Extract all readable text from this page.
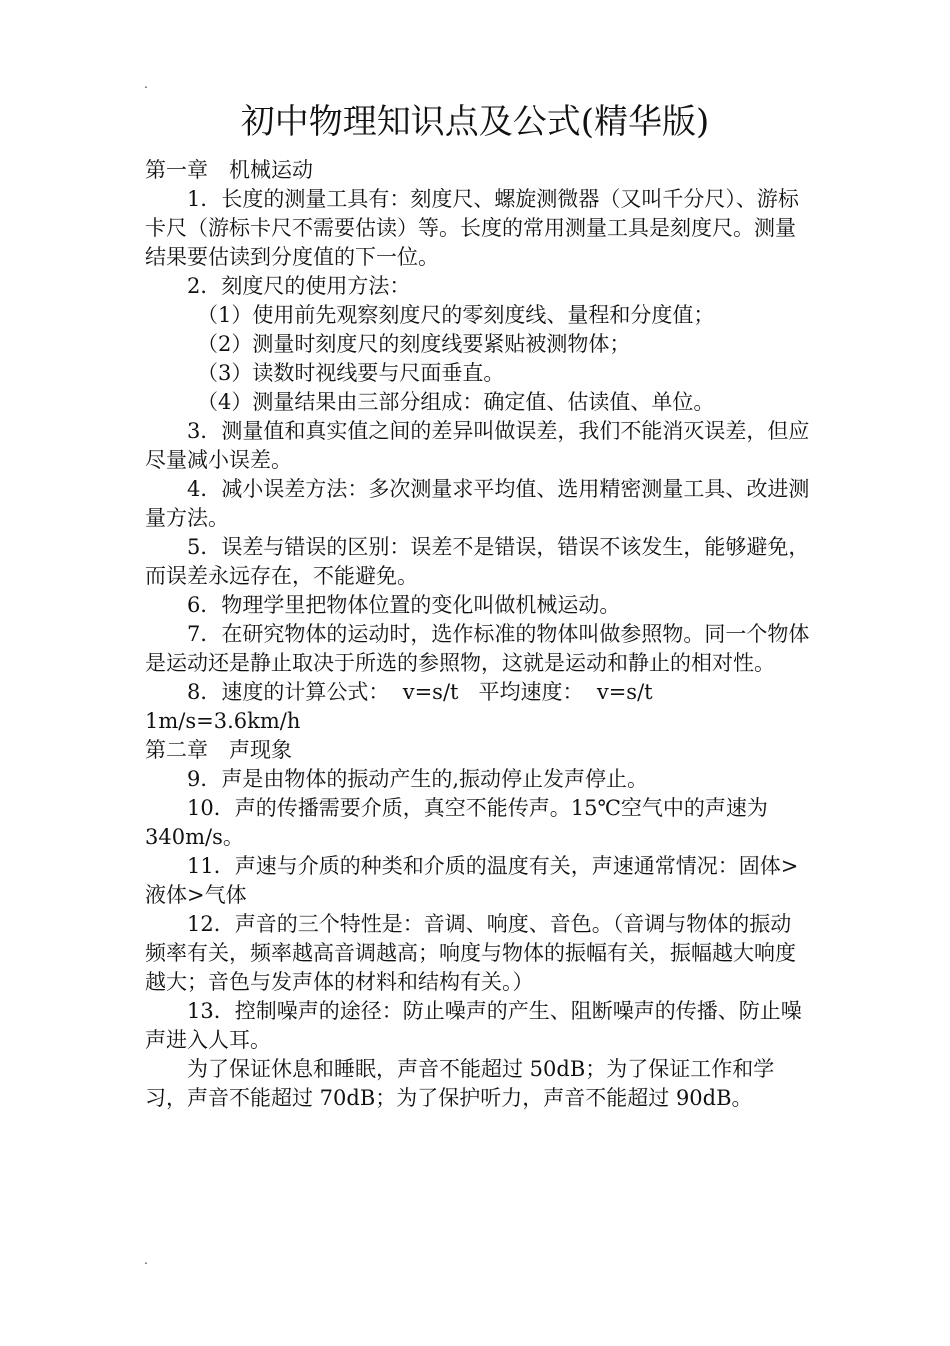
.
初中物理知识点及公式(精华版)

第一章　机械运动

1．长度的测量工具有：刻度尺、螺旋测微器（又叫千分尺）、游标卡尺（游标卡尺不需要估读）等。长度的常用测量工具是刻度尺。测量结果要估读到分度值的下一位。

2．刻度尺的使用方法：

（1）使用前先观察刻度尺的零刻度线、量程和分度值；

（2）测量时刻度尺的刻度线要紧贴被测物体；

（3）读数时视线要与尺面垂直。

（4）测量结果由三部分组成：确定值、估读值、单位。

3．测量值和真实值之间的差异叫做误差，我们不能消灭误差，但应尽量减小误差。

4．减小误差方法：多次测量求平均值、选用精密测量工具、改进测量方法。

5．误差与错误的区别：误差不是错误，错误不该发生，能够避免，而误差永远存在，不能避免。

6．物理学里把物体位置的变化叫做机械运动。

7．在研究物体的运动时，选作标准的物体叫做参照物。同一个物体是运动还是静止取决于所选的参照物，这就是运动和静止的相对性。

8．速度的计算公式：  v=s/t   平均速度：  v=s/t

1m/s=3.6km/h

第二章　声现象

9．声是由物体的振动产生的,振动停止发声停止。

10．声的传播需要介质，真空不能传声。15℃空气中的声速为340m/s。

11．声速与介质的种类和介质的温度有关，声速通常情况：固体>液体>气体

12．声音的三个特性是：音调、响度、音色。（音调与物体的振动频率有关，频率越高音调越高；响度与物体的振幅有关，振幅越大响度越大；音色与发声体的材料和结构有关。）

13．控制噪声的途径：防止噪声的产生、阻断噪声的传播、防止噪声进入人耳。

为了保证休息和睡眠，声音不能超过 50dB；为了保证工作和学习，声音不能超过 70dB；为了保护听力，声音不能超过 90dB。

.
